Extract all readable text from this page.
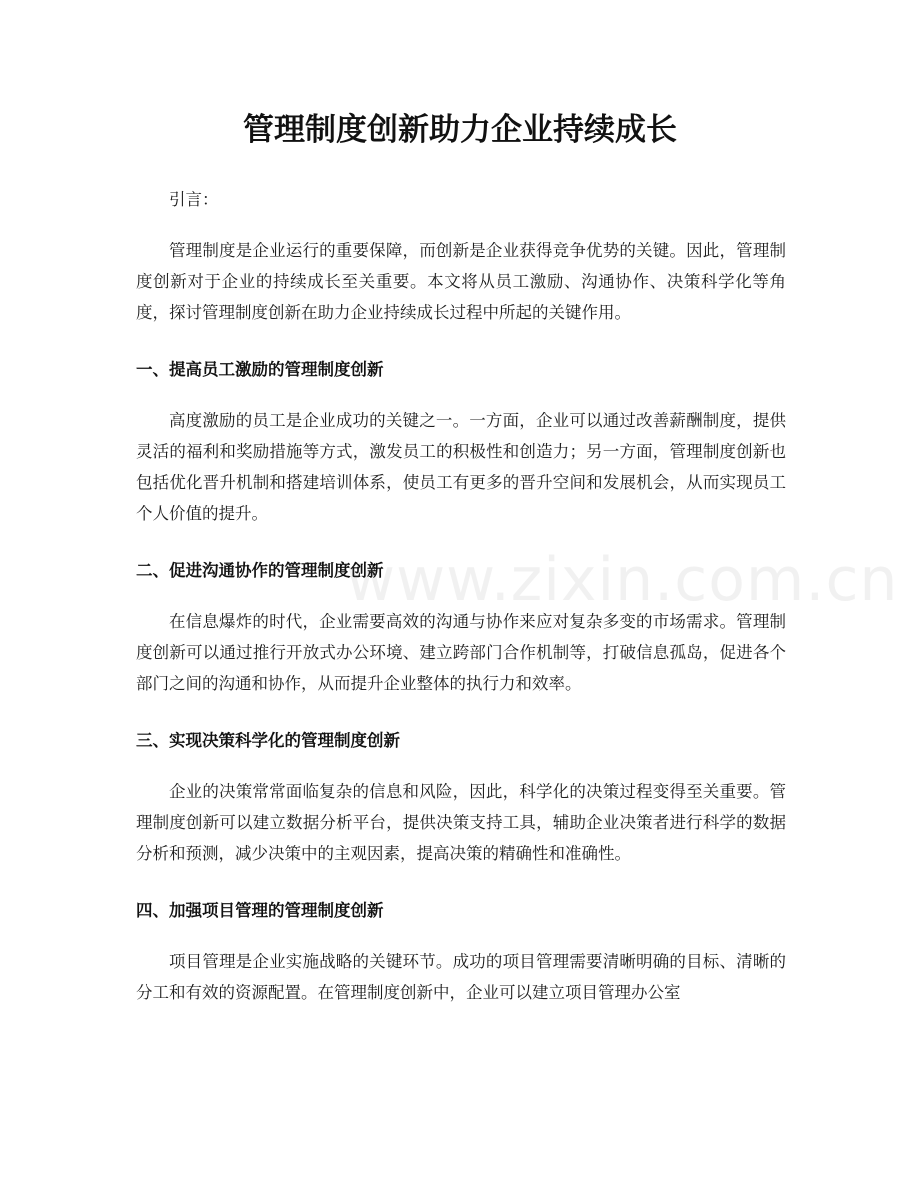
管理制度创新助力企业持续成长

引言：

管理制度是企业运行的重要保障，而创新是企业获得竞争优势的关键。因此，管理制度创新对于企业的持续成长至关重要。本文将从员工激励、沟通协作、决策科学化等角度，探讨管理制度创新在助力企业持续成长过程中所起的关键作用。

一、提高员工激励的管理制度创新

高度激励的员工是企业成功的关键之一。一方面，企业可以通过改善薪酬制度，提供灵活的福利和奖励措施等方式，激发员工的积极性和创造力；另一方面，管理制度创新也包括优化晋升机制和搭建培训体系，使员工有更多的晋升空间和发展机会，从而实现员工个人价值的提升。

二、促进沟通协作的管理制度创新

在信息爆炸的时代，企业需要高效的沟通与协作来应对复杂多变的市场需求。管理制度创新可以通过推行开放式办公环境、建立跨部门合作机制等，打破信息孤岛，促进各个部门之间的沟通和协作，从而提升企业整体的执行力和效率。

三、实现决策科学化的管理制度创新

企业的决策常常面临复杂的信息和风险，因此，科学化的决策过程变得至关重要。管理制度创新可以建立数据分析平台，提供决策支持工具，辅助企业决策者进行科学的数据分析和预测，减少决策中的主观因素，提高决策的精确性和准确性。

四、加强项目管理的管理制度创新

项目管理是企业实施战略的关键环节。成功的项目管理需要清晰明确的目标、清晰的分工和有效的资源配置。在管理制度创新中，企业可以建立项目管理办公室

www.zixin.com.cn
